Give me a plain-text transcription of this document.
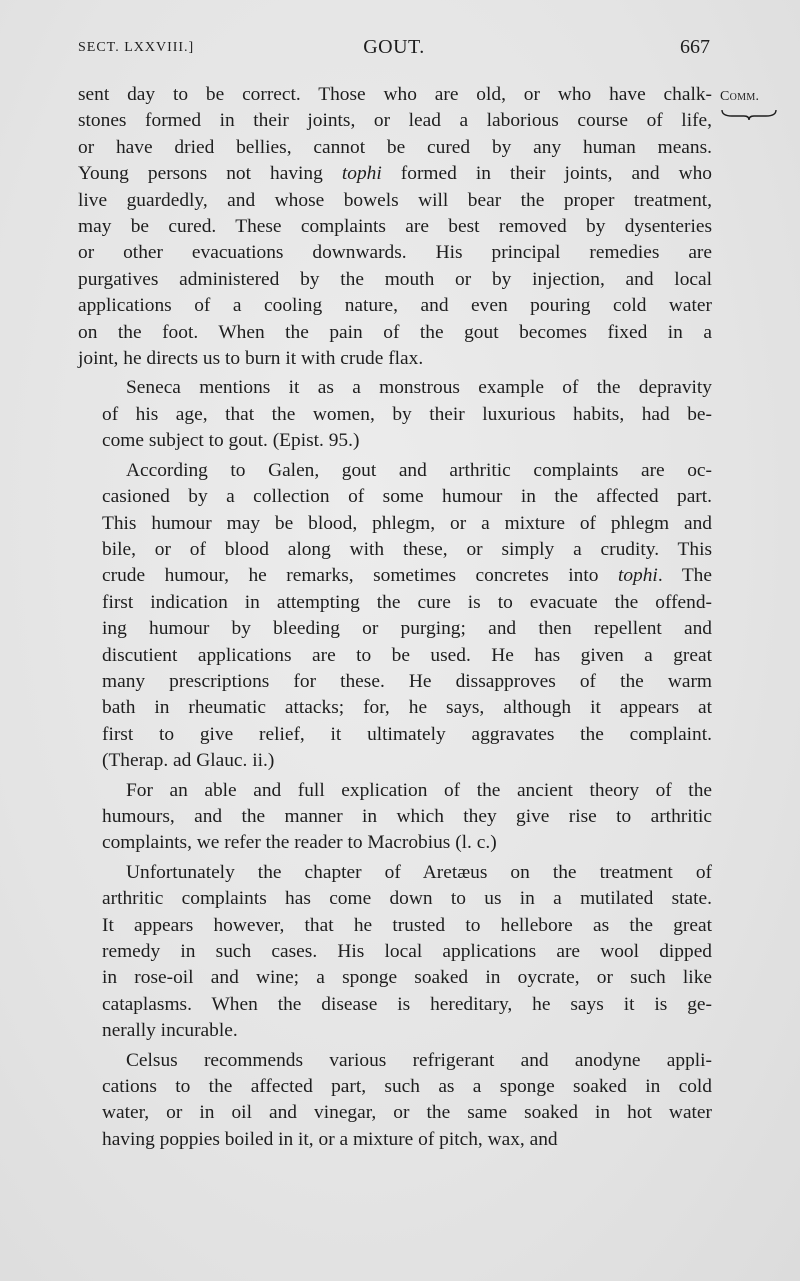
SECT. LXXVIII.]	GOUT.	667
Comm.

sent day to be correct. Those who are old, or who have chalk-
stones formed in their joints, or lead a laborious course of life,
or have dried bellies, cannot be cured by any human means.
Young persons not having tophi formed in their joints, and who
live guardedly, and whose bowels will bear the proper treatment,
may be cured. These complaints are best removed by dysenteries
or other evacuations downwards. His principal remedies are
purgatives administered by the mouth or by injection, and local
applications of a cooling nature, and even pouring cold water
on the foot. When the pain of the gout becomes fixed in a
joint, he directs us to burn it with crude flax.

Seneca mentions it as a monstrous example of the depravity
of his age, that the women, by their luxurious habits, had be-
come subject to gout. (Epist. 95.)

According to Galen, gout and arthritic complaints are oc-
casioned by a collection of some humour in the affected part.
This humour may be blood, phlegm, or a mixture of phlegm and
bile, or of blood along with these, or simply a crudity. This
crude humour, he remarks, sometimes concretes into tophi. The
first indication in attempting the cure is to evacuate the offend-
ing humour by bleeding or purging; and then repellent and
discutient applications are to be used. He has given a great
many prescriptions for these. He dissapproves of the warm
bath in rheumatic attacks; for, he says, although it appears at
first to give relief, it ultimately aggravates the complaint.
(Therap. ad Glauc. ii.)

For an able and full explication of the ancient theory of the
humours, and the manner in which they give rise to arthritic
complaints, we refer the reader to Macrobius (l. c.)

Unfortunately the chapter of Aretæus on the treatment of
arthritic complaints has come down to us in a mutilated state.
It appears however, that he trusted to hellebore as the great
remedy in such cases. His local applications are wool dipped
in rose-oil and wine; a sponge soaked in oycrate, or such like
cataplasms. When the disease is hereditary, he says it is ge-
nerally incurable.

Celsus recommends various refrigerant and anodyne appli-
cations to the affected part, such as a sponge soaked in cold
water, or in oil and vinegar, or the same soaked in hot water
having poppies boiled in it, or a mixture of pitch, wax, and
